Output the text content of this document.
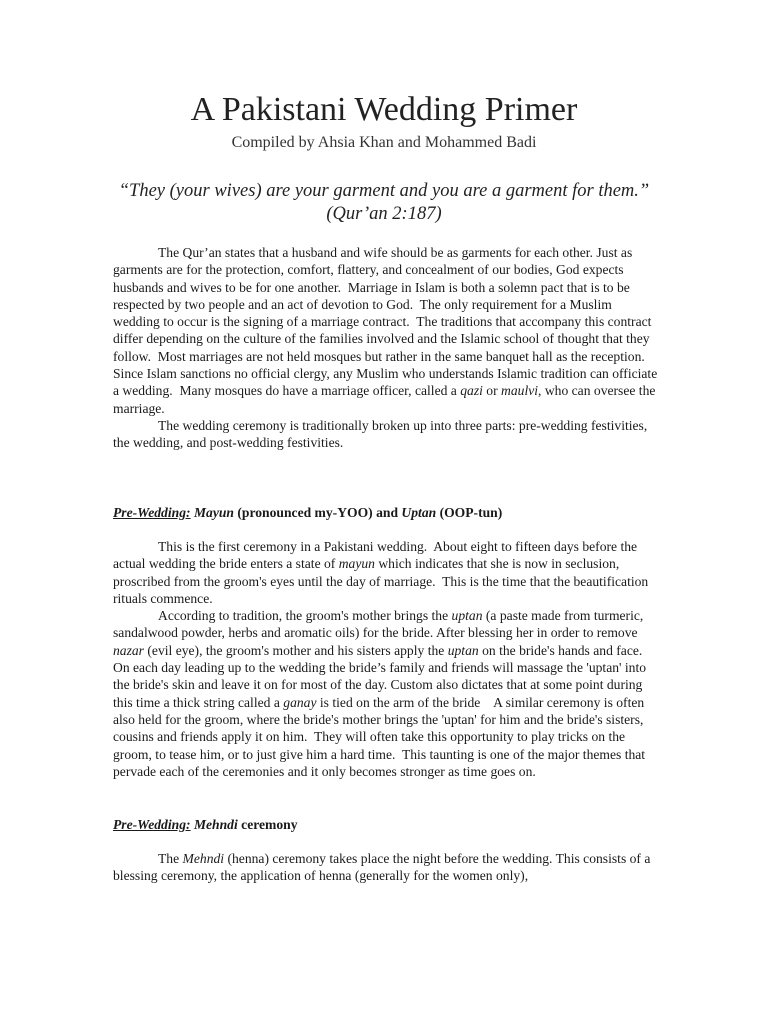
A Pakistani Wedding Primer
Compiled by Ahsia Khan and Mohammed Badi
“They (your wives) are your garment and you are a garment for them.” (Qur’an 2:187)

The Qur’an states that a husband and wife should be as garments for each other. Just as garments are for the protection, comfort, flattery, and concealment of our bodies, God expects husbands and wives to be for one another.  Marriage in Islam is both a solemn pact that is to be respected by two people and an act of devotion to God.  The only requirement for a Muslim wedding to occur is the signing of a marriage contract.  The traditions that accompany this contract differ depending on the culture of the families involved and the Islamic school of thought that they follow.  Most marriages are not held mosques but rather in the same banquet hall as the reception.  Since Islam sanctions no official clergy, any Muslim who understands Islamic tradition can officiate a wedding.  Many mosques do have a marriage officer, called a qazi or maulvi, who can oversee the marriage.

The wedding ceremony is traditionally broken up into three parts: pre-wedding festivities, the wedding, and post-wedding festivities.

Pre-Wedding: Mayun (pronounced my-YOO) and Uptan (OOP-tun)

This is the first ceremony in a Pakistani wedding.  About eight to fifteen days before the actual wedding the bride enters a state of mayun which indicates that she is now in seclusion, proscribed from the groom's eyes until the day of marriage.  This is the time that the beautification rituals commence.

According to tradition, the groom's mother brings the uptan (a paste made from turmeric, sandalwood powder, herbs and aromatic oils) for the bride. After blessing her in order to remove nazar (evil eye), the groom's mother and his sisters apply the uptan on the bride's hands and face. On each day leading up to the wedding the bride’s family and friends will massage the 'uptan' into the bride's skin and leave it on for most of the day. Custom also dictates that at some point during this time a thick string called a ganay is tied on the arm of the bride    A similar ceremony is often also held for the groom, where the bride's mother brings the 'uptan' for him and the bride's sisters, cousins and friends apply it on him.  They will often take this opportunity to play tricks on the groom, to tease him, or to just give him a hard time.  This taunting is one of the major themes that pervade each of the ceremonies and it only becomes stronger as time goes on.

Pre-Wedding: Mehndi ceremony

The Mehndi (henna) ceremony takes place the night before the wedding. This consists of a blessing ceremony, the application of henna (generally for the women only),
